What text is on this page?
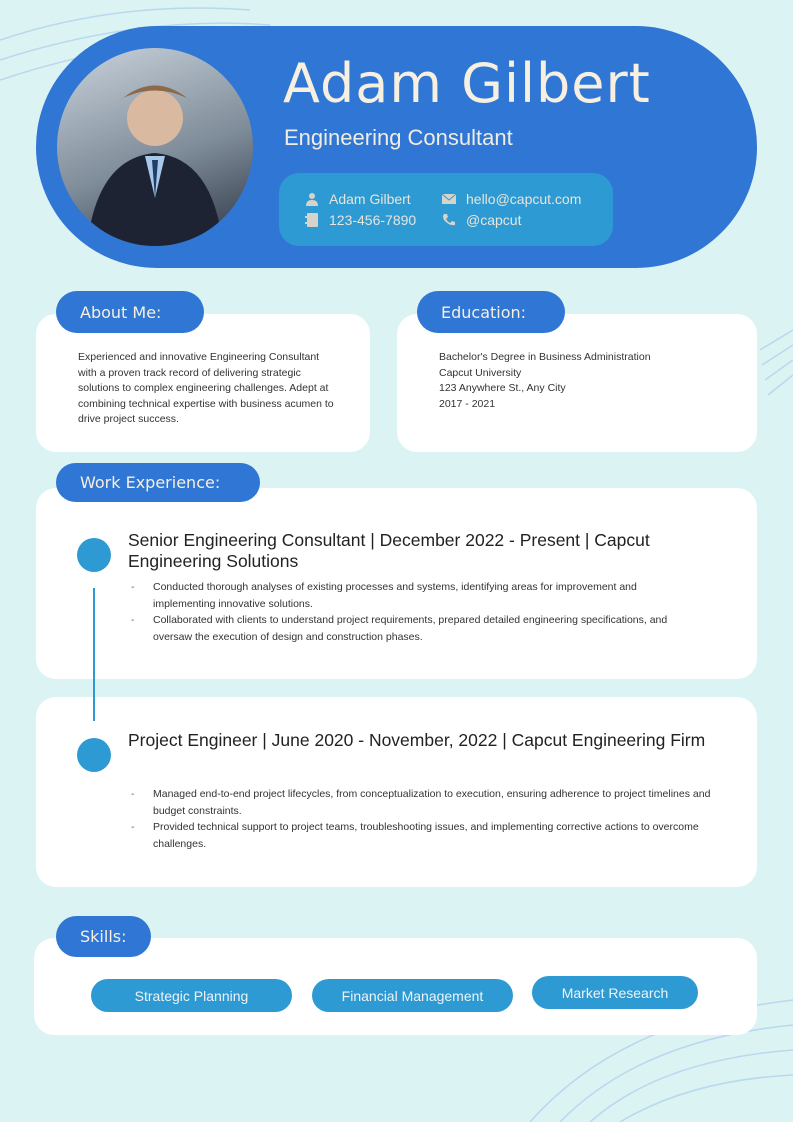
Adam Gilbert
Engineering Consultant
Adam Gilbert	hello@capcut.com
123-456-7890	@capcut

Experienced and innovative Engineering Consultant with a proven track record of delivering strategic solutions to complex engineering challenges. Adept at combining technical expertise with business acumen to drive project success.

About Me:
Bachelor's Degree in Business Administration
Capcut University
123 Anywhere St., Any City
2017 - 2021
Education:
Senior Engineering Consultant | December 2022 - Present | Capcut Engineering Solutions
- Conducted thorough analyses of existing processes and systems, identifying areas for improvement and implementing innovative solutions.
- Collaborated with clients to understand project requirements, prepared detailed engineering specifications, and oversaw the execution of design and construction phases.
Project Engineer | June 2020 - November, 2022 | Capcut Engineering Firm
- Managed end-to-end project lifecycles, from conceptualization to execution, ensuring adherence to project timelines and budget constraints.
- Provided technical support to project teams, troubleshooting issues, and implementing corrective actions to overcome challenges.
Work Experience:
Skills:
Strategic Planning	Financial Management	Market Research
